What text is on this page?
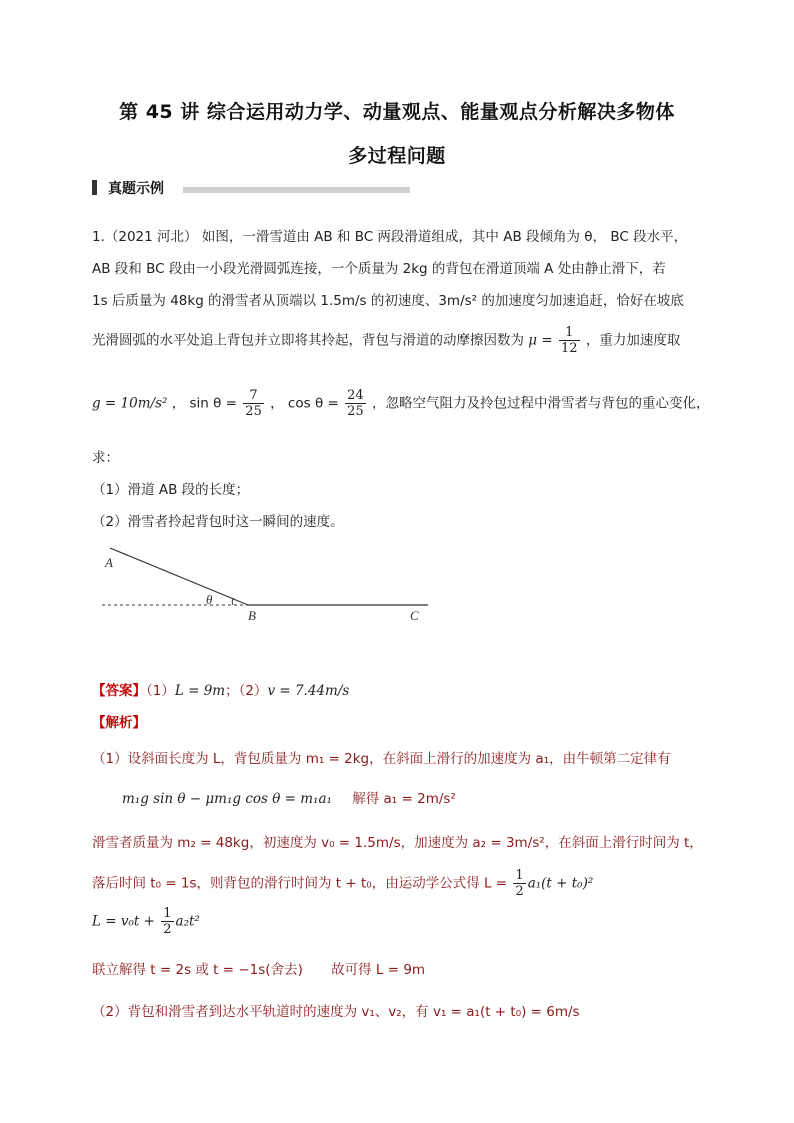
第 45 讲 综合运用动力学、动量观点、能量观点分析解决多物体
多过程问题
真题示例
1.（2021 河北） 如图，一滑雪道由 AB 和 BC 两段滑道组成，其中 AB 段倾角为 θ， BC 段水平，
AB 段和 BC 段由一小段光滑圆弧连接，一个质量为 2kg 的背包在滑道顶端 A 处由静止滑下，若
1s 后质量为 48kg 的滑雪者从顶端以 1.5m/s 的初速度、3m/s² 的加速度匀加速追赶，恰好在坡底
光滑圆弧的水平处追上背包并立即将其拎起，背包与滑道的动摩擦因数为 $\mu = \frac{1}{12}$ ，重力加速度取
g = 10m/s² ， $\sin \theta = \frac{7}{25}$ ， $\cos \theta = \frac{24}{25}$ ，忽略空气阻力及拎包过程中滑雪者与背包的重心变化，
求：
（1）滑道 AB 段的长度；
（2）滑雪者拎起背包时这一瞬间的速度。
A
B	C
θ
【答案】（1）L = 9m；（2）v = 7.44m/s
【解析】
（1）设斜面长度为 L，背包质量为 m₁ = 2kg，在斜面上滑行的加速度为 a₁，由牛顿第二定律有
m₁g sin θ − μm₁g cos θ = m₁a₁ 解得 a₁ = 2m/s²
滑雪者质量为 m₂ = 48kg，初速度为 v₀ = 1.5m/s，加速度为 a₂ = 3m/s²，在斜面上滑行时间为 t，
落后时间 t₀ = 1s，则背包的滑行时间为 t + t₀，由运动学公式得 $L = \frac{1}{2} a_1(t + t_0)^2$
$L = v_0t + \frac{1}{2} a_2t^2$
联立解得 t = 2s 或 t = −1s(舍去) 故可得 L = 9m
（2）背包和滑雪者到达水平轨道时的速度为 v₁、v₂，有 v₁ = a₁(t + t₀) = 6m/s
